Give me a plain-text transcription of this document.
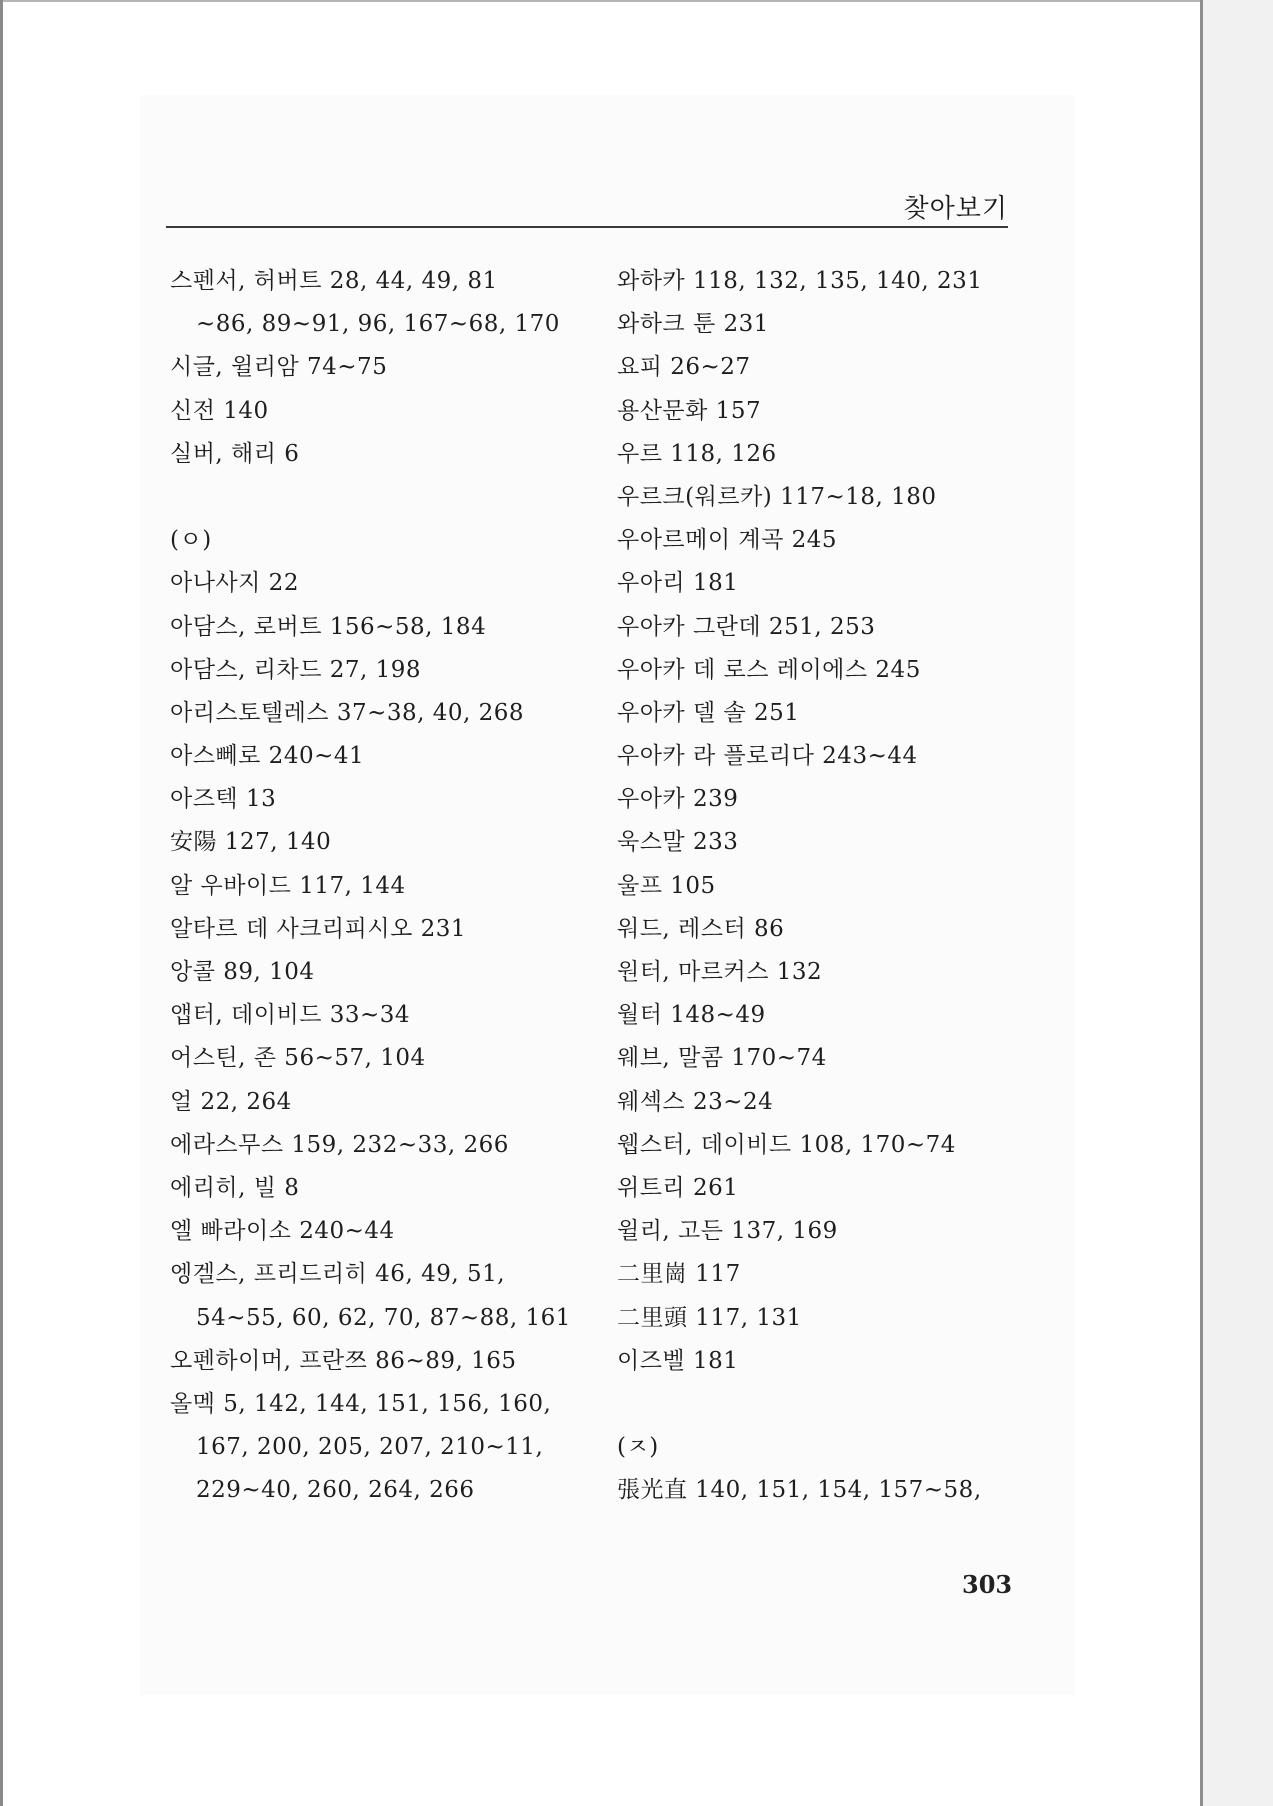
찾아보기
스펜서, 허버트 28, 44, 49, 81
~86, 89~91, 96, 167~68, 170
시글, 윌리암 74~75
신전 140
실버, 해리 6
(ㅇ)
아나사지 22
아담스, 로버트 156~58, 184
아담스, 리차드 27, 198
아리스토텔레스 37~38, 40, 268
아스뻬로 240~41
아즈텍 13
安陽 127, 140
알 우바이드 117, 144
알타르 데 사크리피시오 231
앙콜 89, 104
앱터, 데이비드 33~34
어스틴, 존 56~57, 104
얼 22, 264
에라스무스 159, 232~33, 266
에리히, 빌 8
엘 빠라이소 240~44
엥겔스, 프리드리히 46, 49, 51,
54~55, 60, 62, 70, 87~88, 161
오펜하이머, 프란쯔 86~89, 165
올멕 5, 142, 144, 151, 156, 160,
167, 200, 205, 207, 210~11,
229~40, 260, 264, 266
와하카 118, 132, 135, 140, 231
와하크 툰 231
요피 26~27
용산문화 157
우르 118, 126
우르크(워르카) 117~18, 180
우아르메이 계곡 245
우아리 181
우아카 그란데 251, 253
우아카 데 로스 레이에스 245
우아카 델 솔 251
우아카 라 플로리다 243~44
우아카 239
욱스말 233
울프 105
워드, 레스터 86
원터, 마르커스 132
월터 148~49
웨브, 말콤 170~74
웨섹스 23~24
웹스터, 데이비드 108, 170~74
위트리 261
윌리, 고든 137, 169
二里崗 117
二里頭 117, 131
이즈벨 181
(ㅈ)
張光直 140, 151, 154, 157~58,
303
